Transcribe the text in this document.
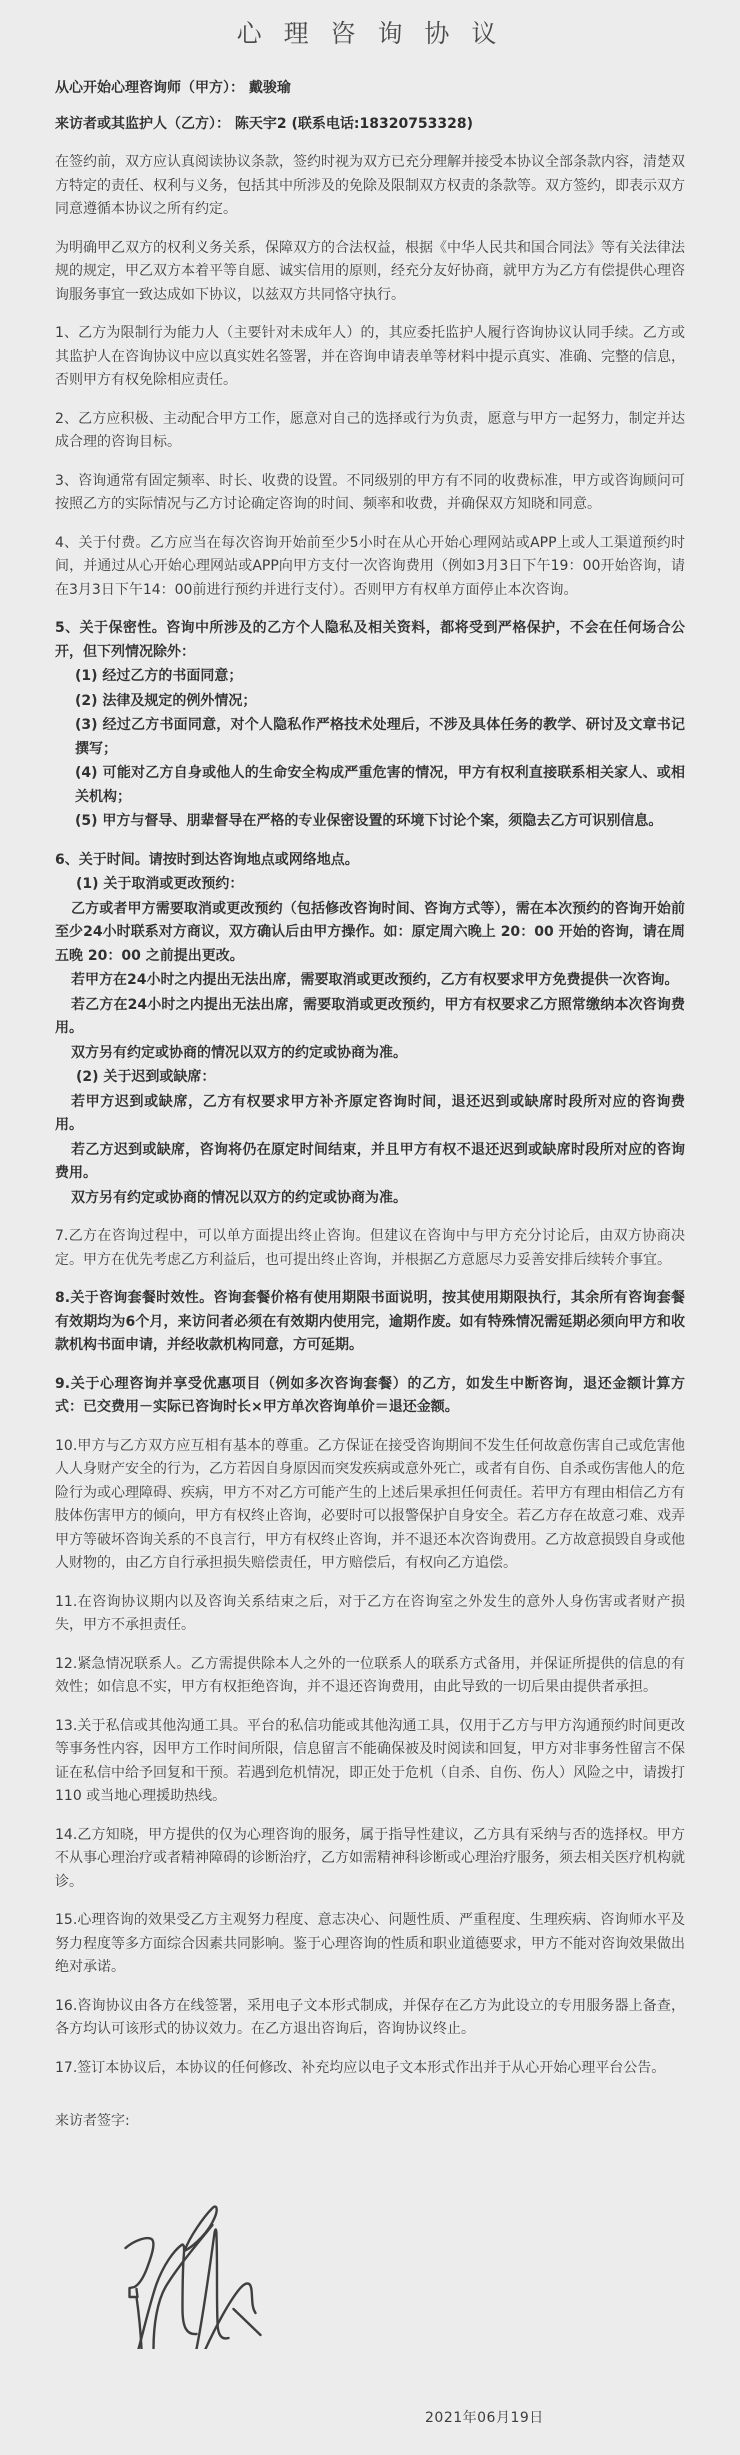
心 理 咨 询 协 议

从心开始心理咨询师（甲方）： 戴骏瑜

来访者或其监护人（乙方）： 陈天宇2 (联系电话:18320753328)

在签约前，双方应认真阅读协议条款，签约时视为双方已充分理解并接受本协议全部条款内容，清楚双方特定的责任、权利与义务，包括其中所涉及的免除及限制双方权责的条款等。双方签约，即表示双方同意遵循本协议之所有约定。

为明确甲乙双方的权利义务关系，保障双方的合法权益，根据《中华人民共和国合同法》等有关法律法规的规定，甲乙双方本着平等自愿、诚实信用的原则，经充分友好协商，就甲方为乙方有偿提供心理咨询服务事宜一致达成如下协议，以兹双方共同恪守执行。

1、乙方为限制行为能力人（主要针对未成年人）的，其应委托监护人履行咨询协议认同手续。乙方或其监护人在咨询协议中应以真实姓名签署，并在咨询申请表单等材料中提示真实、准确、完整的信息，否则甲方有权免除相应责任。

2、乙方应积极、主动配合甲方工作，愿意对自己的选择或行为负责，愿意与甲方一起努力，制定并达成合理的咨询目标。

3、咨询通常有固定频率、时长、收费的设置。不同级别的甲方有不同的收费标准，甲方或咨询顾问可按照乙方的实际情况与乙方讨论确定咨询的时间、频率和收费，并确保双方知晓和同意。

4、关于付费。乙方应当在每次咨询开始前至少5小时在从心开始心理网站或APP上或人工渠道预约时间，并通过从心开始心理网站或APP向甲方支付一次咨询费用（例如3月3日下午19：00开始咨询，请在3月3日下午14：00前进行预约并进行支付）。否则甲方有权单方面停止本次咨询。

5、关于保密性。咨询中所涉及的乙方个人隐私及相关资料，都将受到严格保护，不会在任何场合公开，但下列情况除外：
(1) 经过乙方的书面同意；
(2) 法律及规定的例外情况；
(3) 经过乙方书面同意，对个人隐私作严格技术处理后，不涉及具体任务的教学、研讨及文章书记撰写；
(4) 可能对乙方自身或他人的生命安全构成严重危害的情况，甲方有权利直接联系相关家人、或相关机构；
(5) 甲方与督导、朋辈督导在严格的专业保密设置的环境下讨论个案，须隐去乙方可识别信息。
6、关于时间。请按时到达咨询地点或网络地点。
(1) 关于取消或更改预约：
乙方或者甲方需要取消或更改预约（包括修改咨询时间、咨询方式等），需在本次预约的咨询开始前至少24小时联系对方商议，双方确认后由甲方操作。如：原定周六晚上 20：00 开始的咨询，请在周五晚 20：00 之前提出更改。
若甲方在24小时之内提出无法出席，需要取消或更改预约，乙方有权要求甲方免费提供一次咨询。
若乙方在24小时之内提出无法出席，需要取消或更改预约，甲方有权要求乙方照常缴纳本次咨询费用。
双方另有约定或协商的情况以双方的约定或协商为准。
(2) 关于迟到或缺席：
若甲方迟到或缺席，乙方有权要求甲方补齐原定咨询时间，退还迟到或缺席时段所对应的咨询费用。
若乙方迟到或缺席，咨询将仍在原定时间结束，并且甲方有权不退还迟到或缺席时段所对应的咨询费用。
双方另有约定或协商的情况以双方的约定或协商为准。

7.乙方在咨询过程中，可以单方面提出终止咨询。但建议在咨询中与甲方充分讨论后，由双方协商决定。甲方在优先考虑乙方利益后，也可提出终止咨询，并根据乙方意愿尽力妥善安排后续转介事宜。

8.关于咨询套餐时效性。咨询套餐价格有使用期限书面说明，按其使用期限执行，其余所有咨询套餐有效期均为6个月，来访问者必须在有效期内使用完，逾期作废。如有特殊情况需延期必须向甲方和收款机构书面申请，并经收款机构同意，方可延期。

9.关于心理咨询并享受优惠项目（例如多次咨询套餐）的乙方，如发生中断咨询，退还金额计算方式：已交费用－实际已咨询时长×甲方单次咨询单价＝退还金额。

10.甲方与乙方双方应互相有基本的尊重。乙方保证在接受咨询期间不发生任何故意伤害自己或危害他人人身财产安全的行为，乙方若因自身原因而突发疾病或意外死亡，或者有自伤、自杀或伤害他人的危险行为或心理障碍、疾病，甲方不对乙方可能产生的上述后果承担任何责任。若甲方有理由相信乙方有肢体伤害甲方的倾向，甲方有权终止咨询，必要时可以报警保护自身安全。若乙方存在故意刁难、戏弄甲方等破坏咨询关系的不良言行，甲方有权终止咨询，并不退还本次咨询费用。乙方故意损毁自身或他人财物的，由乙方自行承担损失赔偿责任，甲方赔偿后，有权向乙方追偿。

11.在咨询协议期内以及咨询关系结束之后，对于乙方在咨询室之外发生的意外人身伤害或者财产损失，甲方不承担责任。

12.紧急情况联系人。乙方需提供除本人之外的一位联系人的联系方式备用，并保证所提供的信息的有效性；如信息不实，甲方有权拒绝咨询，并不退还咨询费用，由此导致的一切后果由提供者承担。

13.关于私信或其他沟通工具。平台的私信功能或其他沟通工具，仅用于乙方与甲方沟通预约时间更改等事务性内容，因甲方工作时间所限，信息留言不能确保被及时阅读和回复，甲方对非事务性留言不保证在私信中给予回复和干预。若遇到危机情况，即正处于危机（自杀、自伤、伤人）风险之中，请拨打 110 或当地心理援助热线。

14.乙方知晓，甲方提供的仅为心理咨询的服务，属于指导性建议，乙方具有采纳与否的选择权。甲方不从事心理治疗或者精神障碍的诊断治疗，乙方如需精神科诊断或心理治疗服务，须去相关医疗机构就诊。

15.心理咨询的效果受乙方主观努力程度、意志决心、问题性质、严重程度、生理疾病、咨询师水平及努力程度等多方面综合因素共同影响。鉴于心理咨询的性质和职业道德要求，甲方不能对咨询效果做出绝对承诺。

16.咨询协议由各方在线签署，采用电子文本形式制成，并保存在乙方为此设立的专用服务器上备查，各方均认可该形式的协议效力。在乙方退出咨询后，咨询协议终止。

17.签订本协议后，本协议的任何修改、补充均应以电子文本形式作出并于从心开始心理平台公告。

来访者签字:

2021年06月19日
